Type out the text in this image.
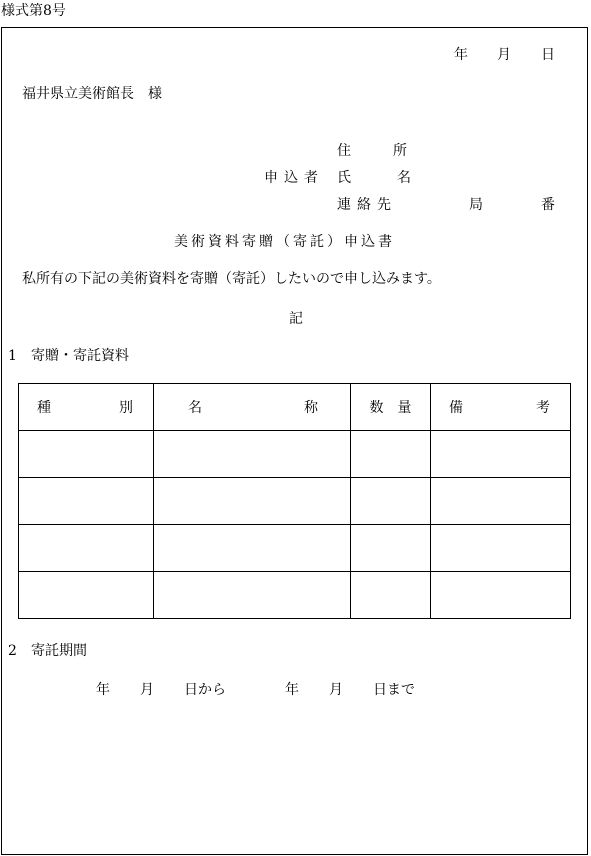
様式第8号
年 月 日
福井県立美術館長　様
住　所
申込者 氏　　名
連絡先	局	番
美術資料寄贈（寄託）申込書
私所有の下記の美術資料を寄贈（寄託）したいので申し込みます。
記
1 寄贈・寄託資料
種 別	名 称	数 量	備 考

2 寄託期間
年 月 日から	年 月 日まで
